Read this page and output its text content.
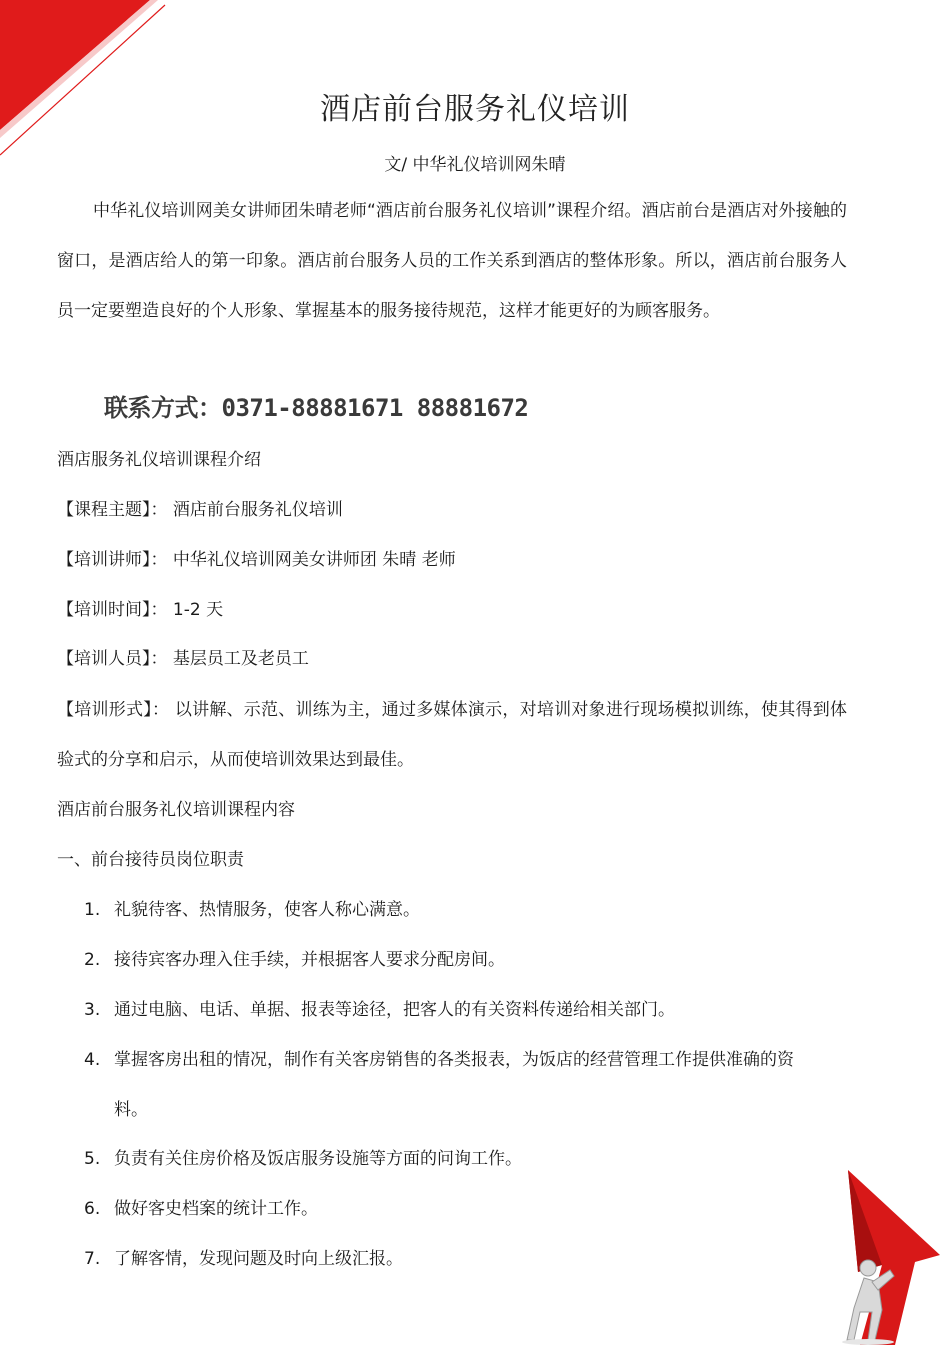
酒店前台服务礼仪培训
文/ 中华礼仪培训网朱晴

中华礼仪培训网美女讲师团朱晴老师“酒店前台服务礼仪培训”课程介绍。酒店前台是酒店对外接触的窗口，是酒店给人的第一印象。酒店前台服务人员的工作关系到酒店的整体形象。所以，酒店前台服务人员一定要塑造良好的个人形象、掌握基本的服务接待规范，这样才能更好的为顾客服务。

联系方式：0371-88881671 88881672
酒店服务礼仪培训课程介绍
【课程主题】： 酒店前台服务礼仪培训
【培训讲师】： 中华礼仪培训网美女讲师团 朱晴 老师
【培训时间】： 1-2 天
【培训人员】： 基层员工及老员工

【培训形式】： 以讲解、示范、训练为主，通过多媒体演示，对培训对象进行现场模拟训练，使其得到体验式的分享和启示，从而使培训效果达到最佳。

酒店前台服务礼仪培训课程内容
一、前台接待员岗位职责
1. 礼貌待客、热情服务，使客人称心满意。
2. 接待宾客办理入住手续，并根据客人要求分配房间。
3. 通过电脑、电话、单据、报表等途径，把客人的有关资料传递给相关部门。
4. 掌握客房出租的情况，制作有关客房销售的各类报表，为饭店的经营管理工作提供准确的资料。
5. 负责有关住房价格及饭店服务设施等方面的问询工作。
6. 做好客史档案的统计工作。
7. 了解客情，发现问题及时向上级汇报。
